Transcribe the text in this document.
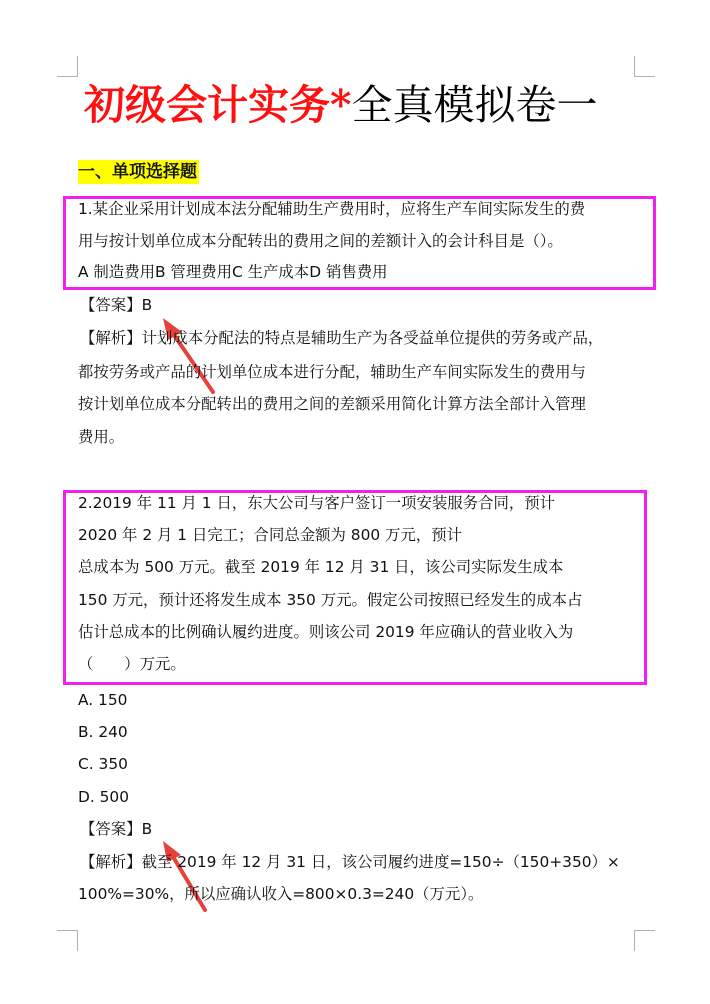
初级会计实务*全真模拟卷一
一、单项选择题
1.某企业采用计划成本法分配辅助生产费用时，应将生产车间实际发生的费
用与按计划单位成本分配转出的费用之间的差额计入的会计科目是（）。
A 制造费用B 管理费用C 生产成本D 销售费用
【答案】B
【解析】计划成本分配法的特点是辅助生产为各受益单位提供的劳务或产品，
都按劳务或产品的计划单位成本进行分配，辅助生产车间实际发生的费用与
按计划单位成本分配转出的费用之间的差额采用简化计算方法全部计入管理
费用。
2.2019 年 11 月 1 日，东大公司与客户签订一项安装服务合同，预计
2020 年 2 月 1 日完工；合同总金额为 800 万元，预计
总成本为 500 万元。截至 2019 年 12 月 31 日，该公司实际发生成本
150 万元，预计还将发生成本 350 万元。假定公司按照已经发生的成本占
估计总成本的比例确认履约进度。则该公司 2019 年应确认的营业收入为
（　　）万元。
A. 150
B. 240
C. 350
D. 500
【答案】B
【解析】截至 2019 年 12 月 31 日，该公司履约进度=150÷（150+350）×
100%=30%，所以应确认收入=800×0.3=240（万元）。
